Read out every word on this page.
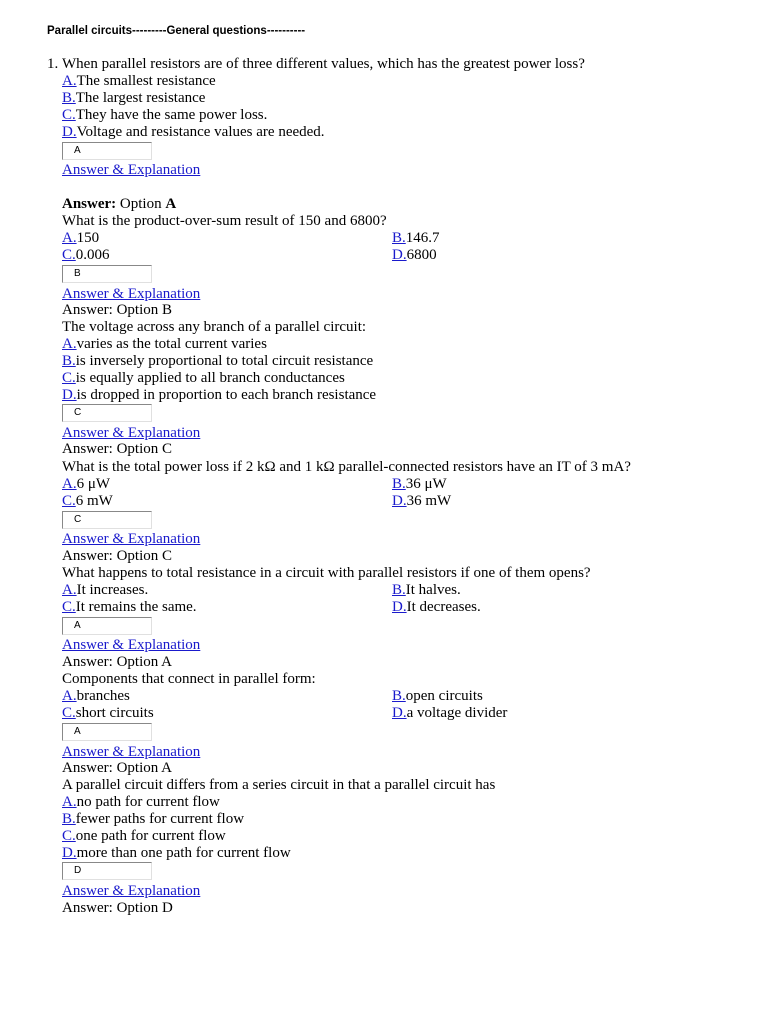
Parallel circuits---------General questions----------
1. When parallel resistors are of three different values, which has the greatest power loss?
A.The smallest resistance
B.The largest resistance
C.They have the same power loss.
D.Voltage and resistance values are needed.
A
Answer & Explanation
Answer: Option A
What is the product-over-sum result of 150 and 6800?
A.150	B.146.7
C.0.006	D.6800
B
Answer & Explanation
Answer: Option B
The voltage across any branch of a parallel circuit:
A.varies as the total current varies
B.is inversely proportional to total circuit resistance
C.is equally applied to all branch conductances
D.is dropped in proportion to each branch resistance
C
Answer & Explanation
Answer: Option C
What is the total power loss if 2 kΩ and 1 kΩ parallel-connected resistors have an IT of 3 mA?
A.6 μW	B.36 μW
C.6 mW	D.36 mW
C
Answer & Explanation
Answer: Option C
What happens to total resistance in a circuit with parallel resistors if one of them opens?
A.It increases.	B.It halves.
C.It remains the same.	D.It decreases.
A
Answer & Explanation
Answer: Option A
Components that connect in parallel form:
A.branches	B.open circuits
C.short circuits	D.a voltage divider
A
Answer & Explanation
Answer: Option A
A parallel circuit differs from a series circuit in that a parallel circuit has
A.no path for current flow
B.fewer paths for current flow
C.one path for current flow
D.more than one path for current flow
D
Answer & Explanation
Answer: Option D
